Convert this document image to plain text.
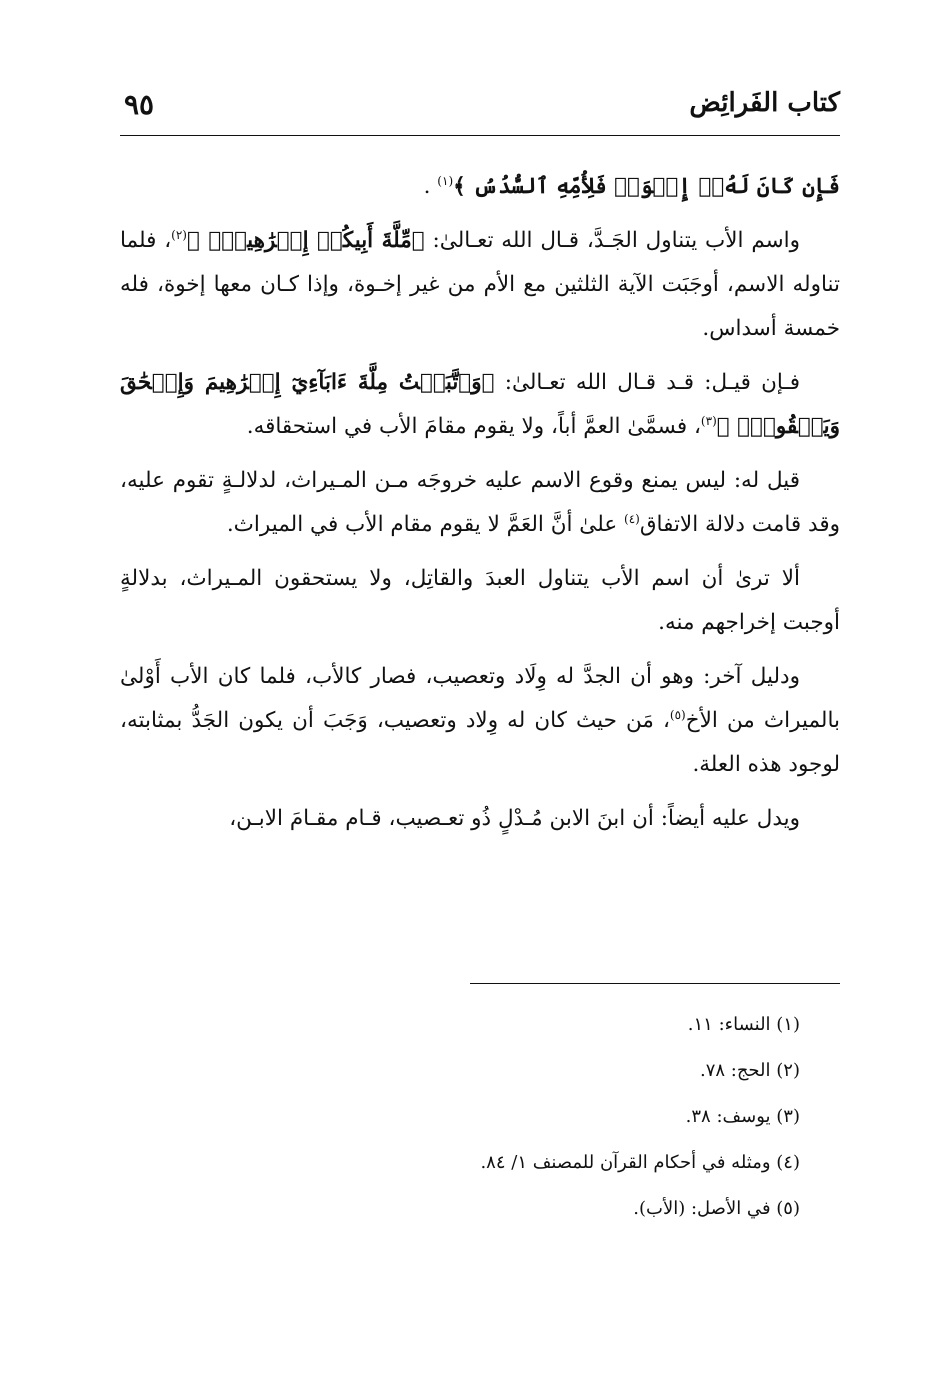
كتاب الفَرائِض
٩٥

فَإِن كَانَ لَهُۥٓ إِخۡوَةٞ فَلِأُمِّهِ ٱلسُّدُسُ ﴾$^{(١)}$ .

واسم الأب يتناول الجَـدَّ، قـال الله تعـالىٰ: ﴿مِّلَّةَ أَبِيكُمۡ إِبۡرَٰهِيمَۚ ﴾$^{(٢)}$، فلما تناوله الاسم، أوجَبَت الآية الثلثين مع الأم من غير إخـوة، وإذا كـان معها إخوة، فله خمسة أسداس.

فـإن قيـل: قـد قـال الله تعـالىٰ: ﴿وَٱتَّبَعۡتُ مِلَّةَ ءَابَآءِيٓ إِبۡرَٰهِيمَ وَإِسۡحَٰقَ وَيَعۡقُوبَۚ ﴾$^{(٣)}$، فسمَّىٰ العمَّ أباً، ولا يقوم مقامَ الأب في استحقاقه.

قيل له: ليس يمنع وقوع الاسم عليه خروجَه مـن المـيراث، لدلالـةٍ تقوم عليه، وقد قامت دلالة الاتفاق$^{(٤)}$ علىٰ أنَّ العَمَّ لا يقوم مقام الأب في الميراث.

ألا ترىٰ أن اسم الأب يتناول العبدَ والقاتِل، ولا يستحقون المـيراث، بدلالةٍ أوجبت إخراجهم منه.

ودليل آخر: وهو أن الجدَّ له وِلَاد وتعصيب، فصار كالأب، فلما كان الأب أَوْلىٰ بالميراث من الأخ$^{(٥)}$، مَن حيث كان له وِلاد وتعصيب، وَجَبَ أن يكون الجَدُّ بمثابته، لوجود هذه العلة.

ويدل عليه أيضاً: أن ابنَ الابن مُـدْلٍ ذُو تعـصيب، قـام مقـامَ الابـن،

(١) النساء: ١١.
(٢) الحج: ٧٨.
(٣) يوسف: ٣٨.
(٤) ومثله في أحكام القرآن للمصنف ١/ ٨٤.
(٥) في الأصل: (الأب).
